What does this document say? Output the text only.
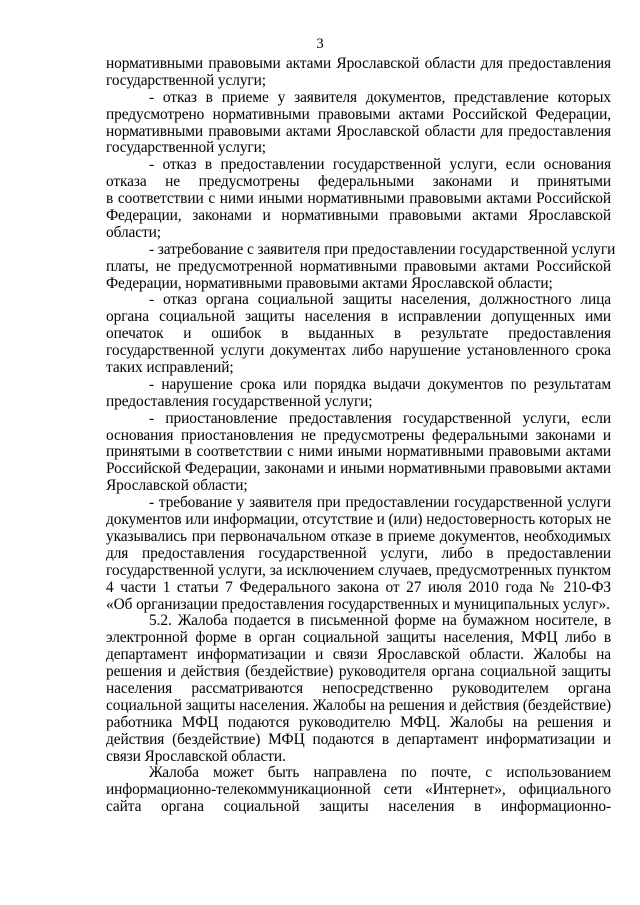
3
нормативными правовыми актами Ярославской области для предоставления
государственной услуги;
- отказ в приеме у заявителя документов, представление которых
предусмотрено нормативными правовыми актами Российской Федерации,
нормативными правовыми актами Ярославской области для предоставления
государственной услуги;
- отказ в предоставлении государственной услуги, если основания
отказа не предусмотрены федеральными законами и принятыми
в соответствии с ними иными нормативными правовыми актами Российской
Федерации, законами и нормативными правовыми актами Ярославской
области;
- затребование с заявителя при предоставлении государственной услуги
платы, не предусмотренной нормативными правовыми актами Российской
Федерации, нормативными правовыми актами Ярославской области;
- отказ органа социальной защиты населения, должностного лица
органа социальной защиты населения в исправлении допущенных ими
опечаток и ошибок в выданных в результате предоставления
государственной услуги документах либо нарушение установленного срока
таких исправлений;
- нарушение срока или порядка выдачи документов по результатам
предоставления государственной услуги;
- приостановление предоставления государственной услуги, если
основания приостановления не предусмотрены федеральными законами и
принятыми в соответствии с ними иными нормативными правовыми актами
Российской Федерации, законами и иными нормативными правовыми актами
Ярославской области;
- требование у заявителя при предоставлении государственной услуги
документов или информации, отсутствие и (или) недостоверность которых не
указывались при первоначальном отказе в приеме документов, необходимых
для предоставления государственной услуги, либо в предоставлении
государственной услуги, за исключением случаев, предусмотренных пунктом
4 части 1 статьи 7 Федерального закона от 27 июля 2010 года № 210-ФЗ
«Об организации предоставления государственных и муниципальных услуг».
5.2. Жалоба подается в письменной форме на бумажном носителе, в
электронной форме в орган социальной защиты населения, МФЦ либо в
департамент информатизации и связи Ярославской области. Жалобы на
решения и действия (бездействие) руководителя органа социальной защиты
населения рассматриваются непосредственно руководителем органа
социальной защиты населения. Жалобы на решения и действия (бездействие)
работника МФЦ подаются руководителю МФЦ. Жалобы на решения и
действия (бездействие) МФЦ подаются в департамент информатизации и
связи Ярославской области.
Жалоба может быть направлена по почте, с использованием
информационно-телекоммуникационной сети «Интернет», официального
сайта органа социальной защиты населения в информационно-
